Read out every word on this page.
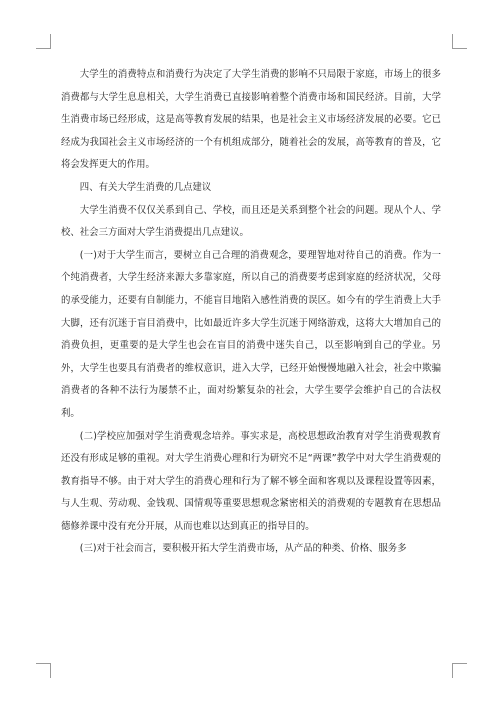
大学生的消费特点和消费行为决定了大学生消费的影响不只局限于家庭，市场上的很多消费都与大学生息息相关，大学生消费已直接影响着整个消费市场和国民经济。目前，大学生消费市场已经形成，这是高等教育发展的结果，也是社会主义市场经济发展的必要。它已经成为我国社会主义市场经济的一个有机组成部分，随着社会的发展，高等教育的普及，它将会发挥更大的作用。

四、有关大学生消费的几点建议

大学生消费不仅仅关系到自己、学校，而且还是关系到整个社会的问题。现从个人、学校、社会三方面对大学生消费提出几点建议。

(一)对于大学生而言，要树立自己合理的消费观念，要理智地对待自己的消费。作为一个纯消费者，大学生经济来源大多靠家庭，所以自己的消费要考虑到家庭的经济状况，父母的承受能力，还要有自制能力，不能盲目地陷入感性消费的误区。如今有的学生消费上大手大脚，还有沉迷于盲目消费中，比如最近许多大学生沉迷于网络游戏，这将大大增加自己的消费负担，更重要的是大学生也会在盲目的消费中迷失自己，以至影响到自己的学业。另外，大学生也要具有消费者的维权意识，进入大学，已经开始慢慢地融入社会，社会中欺骗消费者的各种不法行为屡禁不止，面对纷繁复杂的社会，大学生要学会维护自己的合法权利。

(二)学校应加强对学生消费观念培养。事实求是，高校思想政治教育对学生消费观教育还没有形成足够的重视。对大学生消费心理和行为研究不足“两课”教学中对大学生消费观的教育指导不够。由于对大学生的消费心理和行为了解不够全面和客观以及课程设置等因素，与人生观、劳动观、金钱观、国情观等重要思想观念紧密相关的消费观的专题教育在思想品德修养课中没有充分开展，从而也难以达到真正的指导目的。

(三)对于社会而言，要积极开拓大学生消费市场，从产品的种类、价格、服务多
